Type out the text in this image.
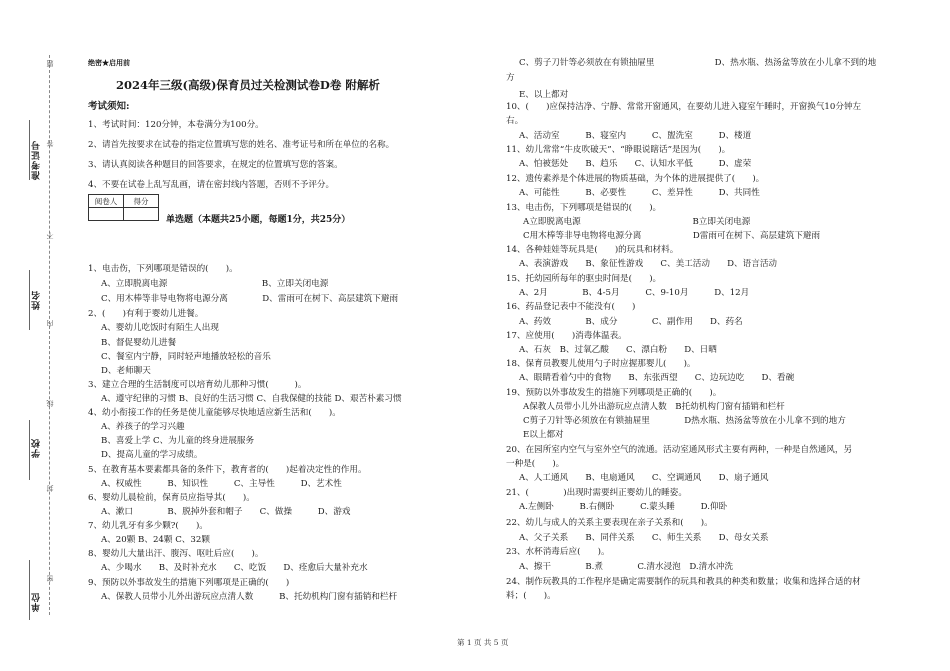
准考证号
姓名
学校
单位
密
封
线
内
不
答
题	绝密★启用前
2024年三级(高级)保育员过关检测试卷D卷 附解析
考试须知:
1、考试时间：120分钟，本卷满分为100分。
2、请首先按要求在试卷的指定位置填写您的姓名、准考证号和所在单位的名称。
3、请认真阅读各种题目的回答要求，在规定的位置填写您的答案。
4、不要在试卷上乱写乱画，请在密封线内答题，否则不予评分。
阅卷人	得分

单选题（本题共25小题，每题1分，共25分）
1、电击伤，下列哪项是错误的(　　)。
A、立即脱离电源　　　　　　　　　　　B、立即关闭电源
C、用木棒等非导电物将电源分离　　　　D、雷雨可在树下、高层建筑下避雨
2、(　　)有利于婴幼儿进餐。
A、婴幼儿吃饭时有陌生人出现
B、督促婴幼儿进餐
C、餐室内宁静，同时轻声地播放轻松的音乐
D、老师聊天
3、建立合理的生活制度可以培育幼儿那种习惯(　　　)。
A、遵守纪律的习惯 B、良好的生活习惯 C、自我保健的技能 D、艰苦朴素习惯
4、幼小衔接工作的任务是使儿童能够尽快地适应新生活和(　　)。
A、养孩子的学习兴趣
B、喜爱上学 C、为儿童的终身进展服务
D、提高儿童的学习成绩。
5、在教育基本要素都具备的条件下，教育者的(　　)起着决定性的作用。
A、权威性　　　B、知识性　　　C、主导性　　　D、艺术性
6、婴幼儿晨检前，保育员应指导其(　　)。
A、漱口　　　　B、脱掉外套和帽子　　C、做操　　　D、游戏
7、幼儿乳牙有多少颗?(　　)。
A、20颗 B、24颗 C、32颗
8、婴幼儿大量出汗、腹泻、呕吐后应(　　)。
A、少喝水　　B、及时补充水　　C、吃饭　　D、痊愈后大量补充水
9、预防以外事故发生的措施下列哪项是正确的(　　)
A、保教人员带小儿外出游玩应点清人数　　　B、托幼机构门窗有插销和栏杆
C、剪子刀针等必须放在有锁抽屉里　　　　　　　D、热水瓶、热汤盆等放在小儿拿不到的地
方
E、以上都对
10、(　　)应保持洁净、宁静、常常开窗通风，在要幼儿进入寝室午睡时，开窗换气10分钟左
右。
A、活动室　　　B、寝室内　　　C、盥洗室　　　D、楼道
11、幼儿常常“牛皮吹破天”、“睁眼说瞎话”是因为(　　)。
A、怕被惩处　　B、趋乐　　C、认知水平低　　　D、虚荣
12、遗传素养是个体进展的物质基础，为个体的进展提供了(　　)。
A、可能性　　　B、必要性　　　C、差异性　　　D、共同性
13、电击伤，下列哪项是错误的(　　)。
A立即脱离电源　　　　　　　　　　　　　B立即关闭电源
C用木棒等非导电物将电源分离　　　　　　D雷雨可在树下、高层建筑下避雨
14、各种娃娃等玩具是(　　)的玩具和材料。
A、表演游戏　　B、象征性游戏　　C、美工活动　　D、语言活动
15、托幼园所每年的驱虫时间是(　　)。
A、2月　　　　B、4-5月　　　C、9-10月　　　D、12月
16、药品登记表中不能没有(　　)
A、药效　　　　B、成分　　　　C、副作用　　D、药名
17、应使用(　　)消毒体温表。
A、石灰　B、过氧乙酸　　C、漂白粉　　D、日晒
18、保育员教婴儿使用勺子时应握那婴儿(　　)。
A、眼睛看着勺中的食物　　B、东张西望　　C、边玩边吃　　D、看碗
19、预防以外事故发生的措施下列哪项是正确的(　　)。
A保教人员带小儿外出游玩应点清人数　B托幼机构门窗有插销和栏杆
C剪子刀针等必须放在有锁抽屉里　　　　D热水瓶、热汤盆等放在小儿拿不到的地方
E以上都对
20、在园所室内空气与室外空气的流通。活动室通风形式主要有两种，一种是自然通风，另
一种是(　　)。
A、人工通风　　B、电扇通风　　C、空调通风　　D、扇子通风
21、(　　　　)出现时需要纠正婴幼儿的睡姿。
A.左侧卧　　　B.右侧卧　　　C.蒙头睡　　　D.仰卧
22、幼儿与成人的关系主要表现在亲子关系和(　　)。
A、父子关系　　B、同伴关系　　C、师生关系　　D、母女关系
23、水杯消毒后应(　　)。
A、擦干　　　　B.煮　　　　C.清水浸泡　D.清水冲洗
24、制作玩教具的工作程序是确定需要制作的玩具和教具的种类和数量；收集和选择合适的材
料；(　　)。
第 1 页 共 5 页
